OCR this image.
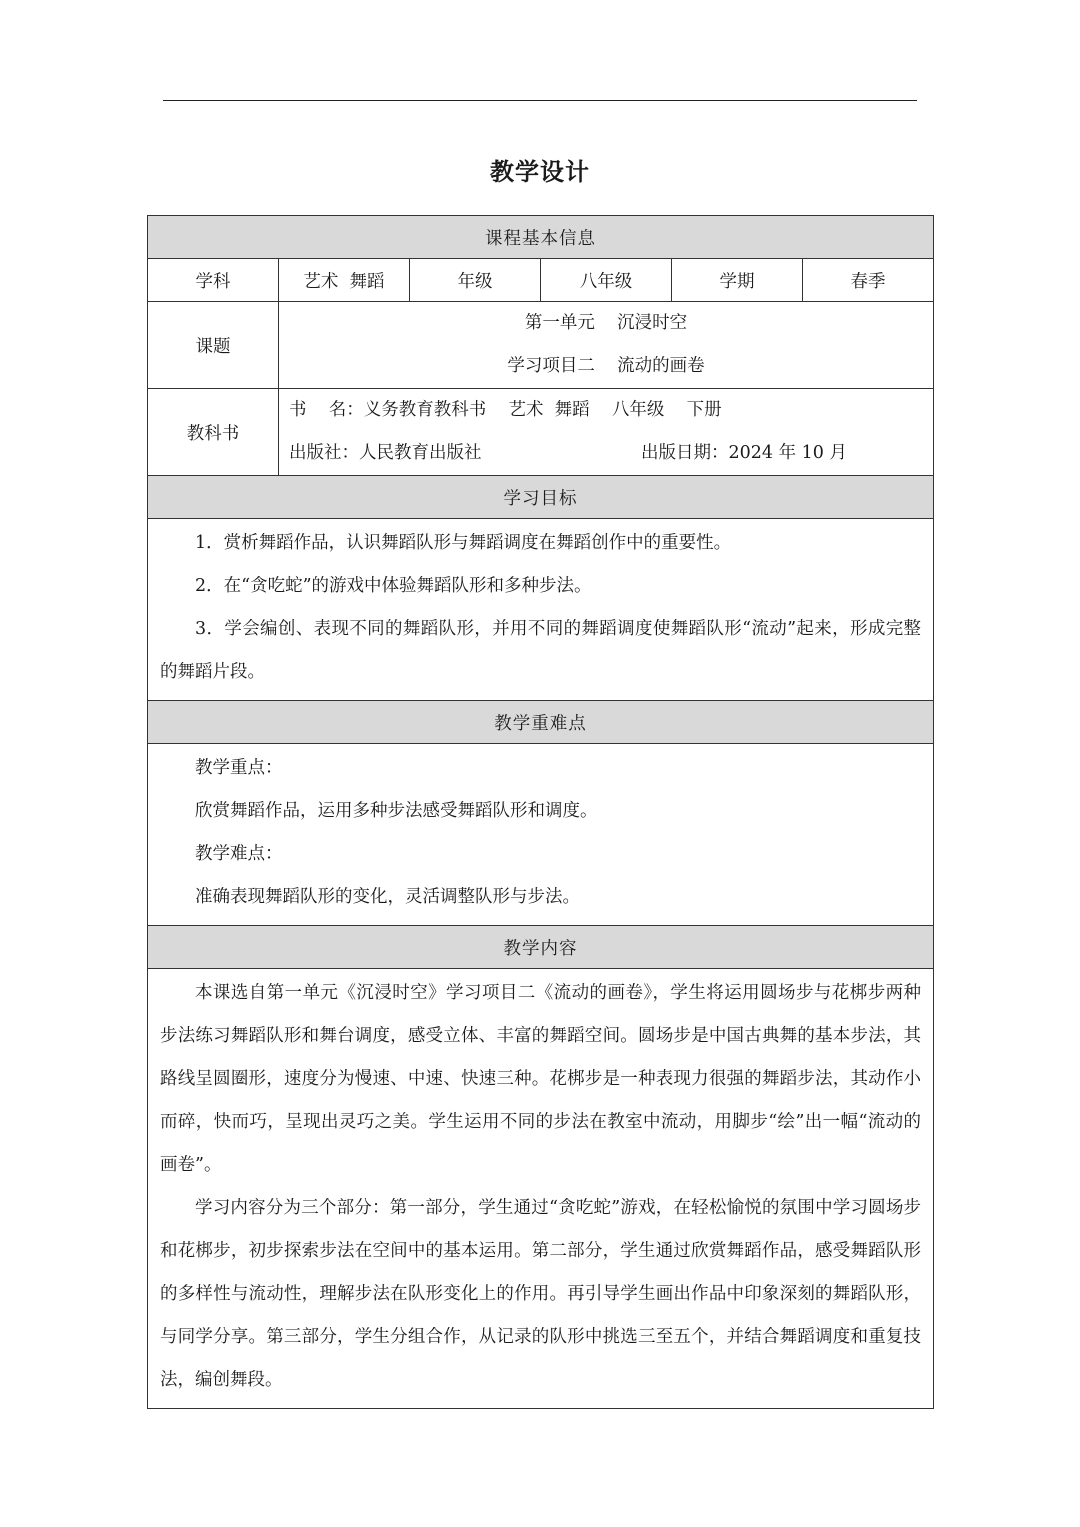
教学设计
课程基本信息					
学科	艺术  舞蹈	年级	八年级	学期	春季
课题	第一单元    沉浸时空
学习项目二    流动的画卷				

教科书	书    名：义务教育教科书    艺术  舞蹈    八年级    下册
出版社：人民教育出版社 出版日期：2024 年 10 月				

学习目标					

1．赏析舞蹈作品，认识舞蹈队形与舞蹈调度在舞蹈创作中的重要性。

2．在“贪吃蛇”的游戏中体验舞蹈队形和多种步法。

3．学会编创、表现不同的舞蹈队形，并用不同的舞蹈调度使舞蹈队形“流动”起来，形成完整的舞蹈片段。					

教学重难点					

教学重点：

欣赏舞蹈作品，运用多种步法感受舞蹈队形和调度。

教学难点：

准确表现舞蹈队形的变化，灵活调整队形与步法。					

教学内容					

本课选自第一单元《沉浸时空》学习项目二《流动的画卷》，学生将运用圆场步与花梆步两种步法练习舞蹈队形和舞台调度，感受立体、丰富的舞蹈空间。圆场步是中国古典舞的基本步法，其路线呈圆圈形，速度分为慢速、中速、快速三种。花梆步是一种表现力很强的舞蹈步法，其动作小而碎，快而巧，呈现出灵巧之美。学生运用不同的步法在教室中流动，用脚步“绘”出一幅“流动的画卷”。

学习内容分为三个部分：第一部分，学生通过“贪吃蛇”游戏，在轻松愉悦的氛围中学习圆场步和花梆步，初步探索步法在空间中的基本运用。第二部分，学生通过欣赏舞蹈作品，感受舞蹈队形的多样性与流动性，理解步法在队形变化上的作用。再引导学生画出作品中印象深刻的舞蹈队形，与同学分享。第三部分，学生分组合作，从记录的队形中挑选三至五个，并结合舞蹈调度和重复技法，编创舞段。					
